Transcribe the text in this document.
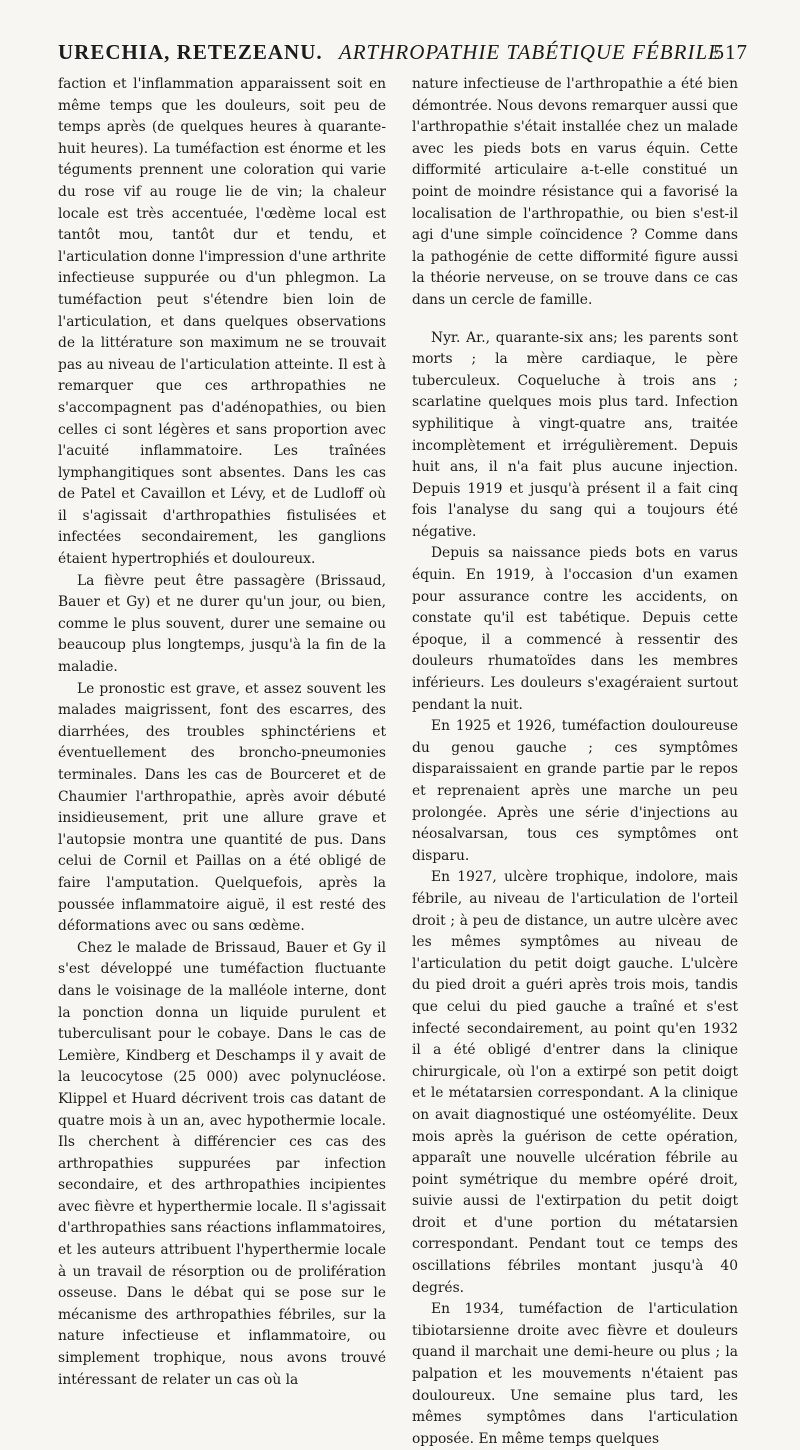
URECHIA, RETEZEANU. ARTHROPATHIE TABÉTIQUE FÉBRILE
517

faction et l'inflammation apparaissent soit en même temps que les douleurs, soit peu de temps après (de quelques heures à quarante-huit heures). La tuméfaction est énorme et les téguments prennent une coloration qui varie du rose vif au rouge lie de vin; la chaleur locale est très accentuée, l'œdème local est tantôt mou, tantôt dur et tendu, et l'articulation donne l'impression d'une arthrite infectieuse suppurée ou d'un phlegmon. La tuméfaction peut s'étendre bien loin de l'articulation, et dans quelques observations de la littérature son maximum ne se trouvait pas au niveau de l'articulation atteinte. Il est à remarquer que ces arthropathies ne s'accompagnent pas d'adénopathies, ou bien celles ci sont légères et sans proportion avec l'acuité inflammatoire. Les traînées lymphangitiques sont absentes. Dans les cas de Patel et Cavaillon et Lévy, et de Ludloff où il s'agissait d'arthropathies fistulisées et infectées secondairement, les ganglions étaient hypertrophiés et douloureux.

La fièvre peut être passagère (Brissaud, Bauer et Gy) et ne durer qu'un jour, ou bien, comme le plus souvent, durer une semaine ou beaucoup plus longtemps, jusqu'à la fin de la maladie.

Le pronostic est grave, et assez souvent les malades maigrissent, font des escarres, des diarrhées, des troubles sphinctériens et éventuellement des broncho-pneumonies terminales. Dans les cas de Bourceret et de Chaumier l'arthropathie, après avoir débuté insidieusement, prit une allure grave et l'autopsie montra une quantité de pus. Dans celui de Cornil et Paillas on a été obligé de faire l'amputation. Quelquefois, après la poussée inflammatoire aiguë, il est resté des déformations avec ou sans œdème.

Chez le malade de Brissaud, Bauer et Gy il s'est développé une tuméfaction fluctuante dans le voisinage de la malléole interne, dont la ponction donna un liquide purulent et tuberculisant pour le cobaye. Dans le cas de Lemière, Kindberg et Deschamps il y avait de la leucocytose (25 000) avec polynucléose. Klippel et Huard décrivent trois cas datant de quatre mois à un an, avec hypothermie locale. Ils cherchent à différencier ces cas des arthropathies suppurées par infection secondaire, et des arthropathies incipientes avec fièvre et hyperthermie locale. Il s'agissait d'arthropathies sans réactions inflammatoires, et les auteurs attribuent l'hyperthermie locale à un travail de résorption ou de prolifération osseuse. Dans le débat qui se pose sur le mécanisme des arthropathies fébriles, sur la nature infectieuse et inflammatoire, ou simplement trophique, nous avons trouvé intéressant de relater un cas où la

nature infectieuse de l'arthropathie a été bien démontrée. Nous devons remarquer aussi que l'arthropathie s'était installée chez un malade avec les pieds bots en varus équin. Cette difformité articulaire a-t-elle constitué un point de moindre résistance qui a favorisé la localisation de l'arthropathie, ou bien s'est-il agi d'une simple coïncidence ? Comme dans la pathogénie de cette difformité figure aussi la théorie nerveuse, on se trouve dans ce cas dans un cercle de famille.

Nyr. Ar., quarante-six ans; les parents sont morts ; la mère cardiaque, le père tuberculeux. Coqueluche à trois ans ; scarlatine quelques mois plus tard. Infection syphilitique à vingt-quatre ans, traitée incomplètement et irrégulièrement. Depuis huit ans, il n'a fait plus aucune injection. Depuis 1919 et jusqu'à présent il a fait cinq fois l'analyse du sang qui a toujours été négative.

Depuis sa naissance pieds bots en varus équin. En 1919, à l'occasion d'un examen pour assurance contre les accidents, on constate qu'il est tabétique. Depuis cette époque, il a commencé à ressentir des douleurs rhumatoïdes dans les membres inférieurs. Les douleurs s'exagéraient surtout pendant la nuit.

En 1925 et 1926, tuméfaction douloureuse du genou gauche ; ces symptômes disparaissaient en grande partie par le repos et reprenaient après une marche un peu prolongée. Après une série d'injections au néosalvarsan, tous ces symptômes ont disparu.

En 1927, ulcère trophique, indolore, mais fébrile, au niveau de l'articulation de l'orteil droit ; à peu de distance, un autre ulcère avec les mêmes symptômes au niveau de l'articulation du petit doigt gauche. L'ulcère du pied droit a guéri après trois mois, tandis que celui du pied gauche a traîné et s'est infecté secondairement, au point qu'en 1932 il a été obligé d'entrer dans la clinique chirurgicale, où l'on a extirpé son petit doigt et le métatarsien correspondant. A la clinique on avait diagnostiqué une ostéomyélite. Deux mois après la guérison de cette opération, apparaît une nouvelle ulcération fébrile au point symétrique du membre opéré droit, suivie aussi de l'extirpation du petit doigt droit et d'une portion du métatarsien correspondant. Pendant tout ce temps des oscillations fébriles montant jusqu'à 40 degrés.

En 1934, tuméfaction de l'articulation tibiotarsienne droite avec fièvre et douleurs quand il marchait une demi-heure ou plus ; la palpation et les mouvements n'étaient pas douloureux. Une semaine plus tard, les mêmes symptômes dans l'articulation opposée. En même temps quelques
